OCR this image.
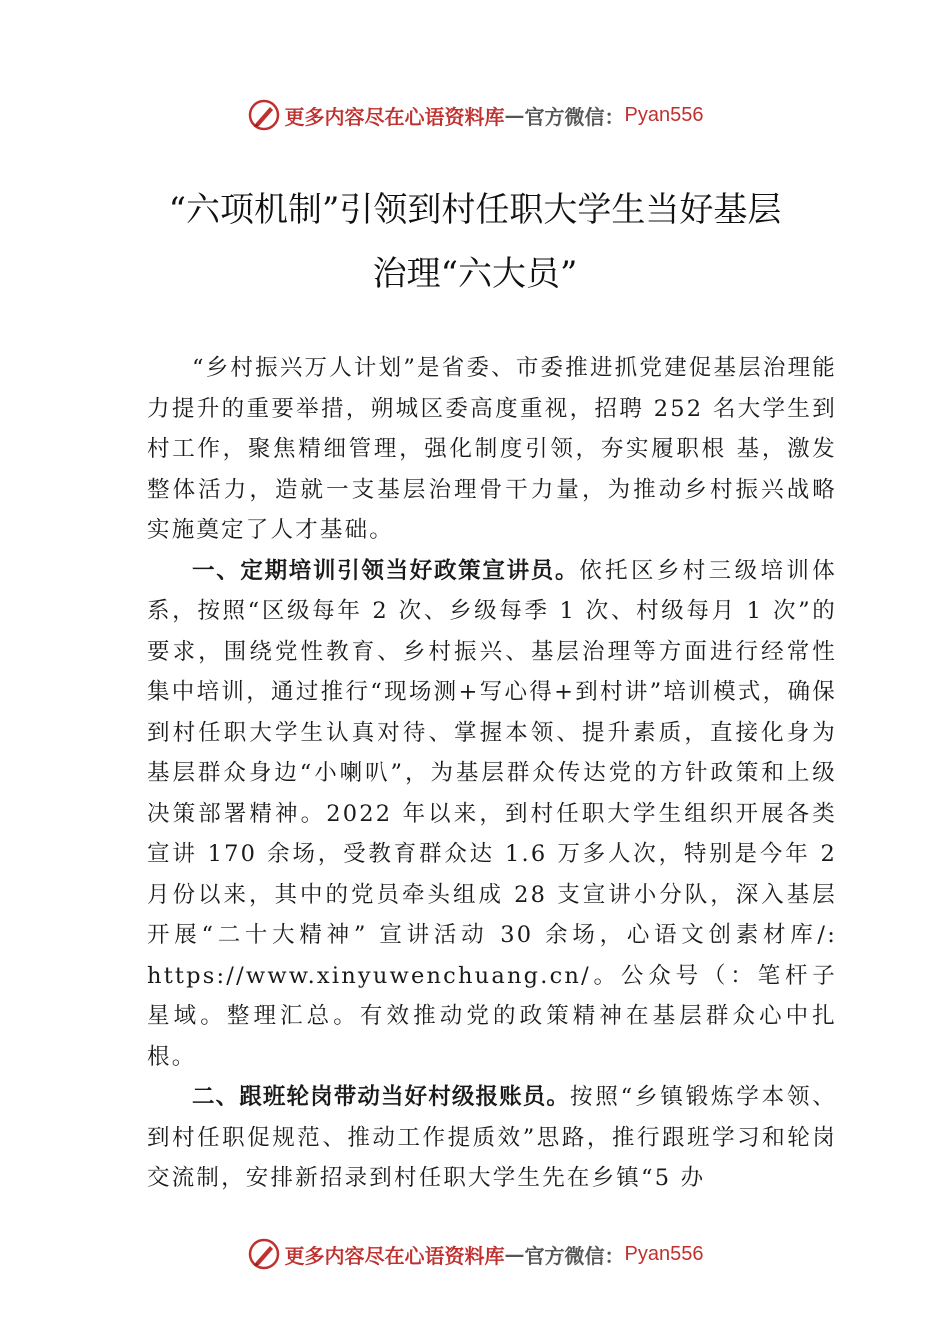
更多内容尽在心语资料库 — 官方微信： Pyan556
“六项机制”引领到村任职大学生当好基层
治理“六大员”

“乡村振兴万人计划”是省委、市委推进抓党建促基层治理能力提升的重要举措，朔城区委高度重视，招聘 252 名大学生到村工作，聚焦精细管理，强化制度引领，夯实履职根 基，激发整体活力，造就一支基层治理骨干力量，为推动乡村振兴战略实施奠定了人才基础。

一、定期培训引领当好政策宣讲员。依托区乡村三级培训体系，按照“区级每年 2 次、乡级每季 1 次、村级每月 1 次”的要求，围绕党性教育、乡村振兴、基层治理等方面进行经常性集中培训，通过推行“现场测+写心得+到村讲”培训模式，确保到村任职大学生认真对待、掌握本领、提升素质，直接化身为基层群众身边“小喇叭”，为基层群众传达党的方针政策和上级决策部署精神。2022 年以来，到村任职大学生组织开展各类宣讲 170 余场，受教育群众达 1.6 万多人次，特别是今年 2 月份以来，其中的党员牵头组成 28 支宣讲小分队，深入基层开展“二十大精神” 宣讲活动 30 余场，心语文创素材库/: https://www.xinyuwenchuang.cn/。公众号（：笔杆子星域。整理汇总。有效推动党的政策精神在基层群众心中扎根。

二、跟班轮岗带动当好村级报账员。按照“乡镇锻炼学本领、到村任职促规范、推动工作提质效”思路，推行跟班学习和轮岗交流制，安排新招录到村任职大学生先在乡镇“5 办

更多内容尽在心语资料库 — 官方微信： Pyan556
